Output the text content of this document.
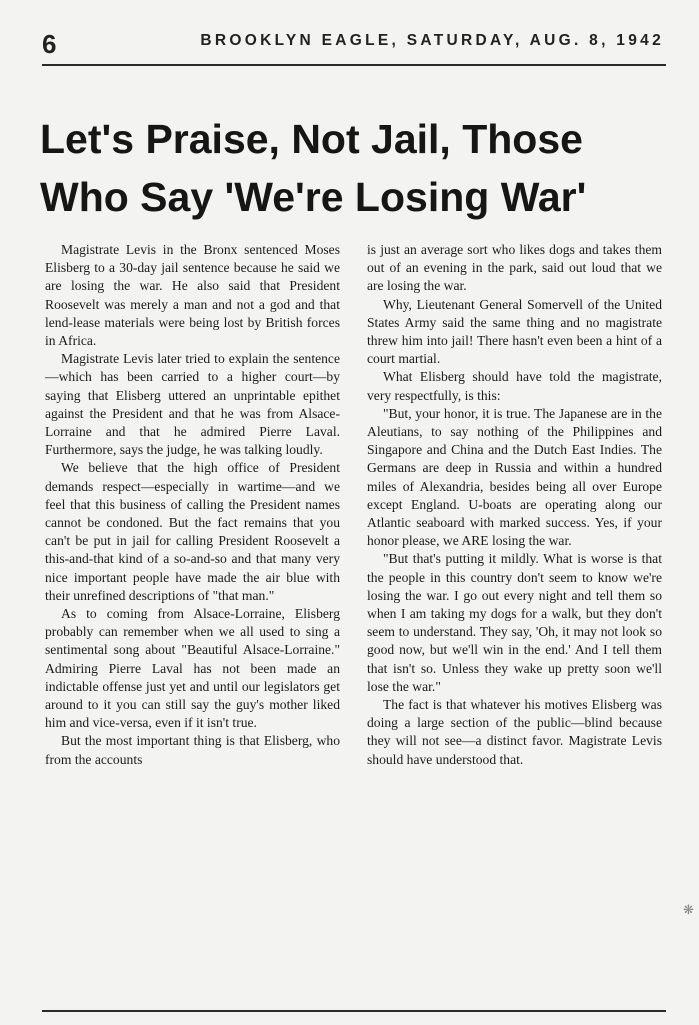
6	BROOKLYN EAGLE, SATURDAY, AUG. 8, 1942
Let's Praise, Not Jail, Those
Who Say 'We're Losing War'

Magistrate Levis in the Bronx sentenced Moses Elisberg to a 30-day jail sentence because he said we are losing the war. He also said that President Roosevelt was merely a man and not a god and that lend-lease materials were being lost by British forces in Africa.

Magistrate Levis later tried to explain the sentence—which has been carried to a higher court—by saying that Elisberg uttered an unprintable epithet against the President and that he was from Alsace-Lorraine and that he admired Pierre Laval. Furthermore, says the judge, he was talking loudly.

We believe that the high office of President demands respect—especially in wartime—and we feel that this business of calling the President names cannot be condoned. But the fact remains that you can't be put in jail for calling President Roosevelt a this-and-that kind of a so-and-so and that many very nice important people have made the air blue with their unrefined descriptions of "that man."

As to coming from Alsace-Lorraine, Elisberg probably can remember when we all used to sing a sentimental song about "Beautiful Alsace-Lorraine." Admiring Pierre Laval has not been made an indictable offense just yet and until our legislators get around to it you can still say the guy's mother liked him and vice-versa, even if it isn't true.

But the most important thing is that Elisberg, who from the accounts

is just an average sort who likes dogs and takes them out of an evening in the park, said out loud that we are losing the war.

Why, Lieutenant General Somervell of the United States Army said the same thing and no magistrate threw him into jail! There hasn't even been a hint of a court martial.

What Elisberg should have told the magistrate, very respectfully, is this:

"But, your honor, it is true. The Japanese are in the Aleutians, to say nothing of the Philippines and Singapore and China and the Dutch East Indies. The Germans are deep in Russia and within a hundred miles of Alexandria, besides being all over Europe except England. U-boats are operating along our Atlantic seaboard with marked success. Yes, if your honor please, we ARE losing the war.

"But that's putting it mildly. What is worse is that the people in this country don't seem to know we're losing the war. I go out every night and tell them so when I am taking my dogs for a walk, but they don't seem to understand. They say, 'Oh, it may not look so good now, but we'll win in the end.' And I tell them that isn't so. Unless they wake up pretty soon we'll lose the war."

The fact is that whatever his motives Elisberg was doing a large section of the public—blind because they will not see—a distinct favor. Magistrate Levis should have understood that.

❋
